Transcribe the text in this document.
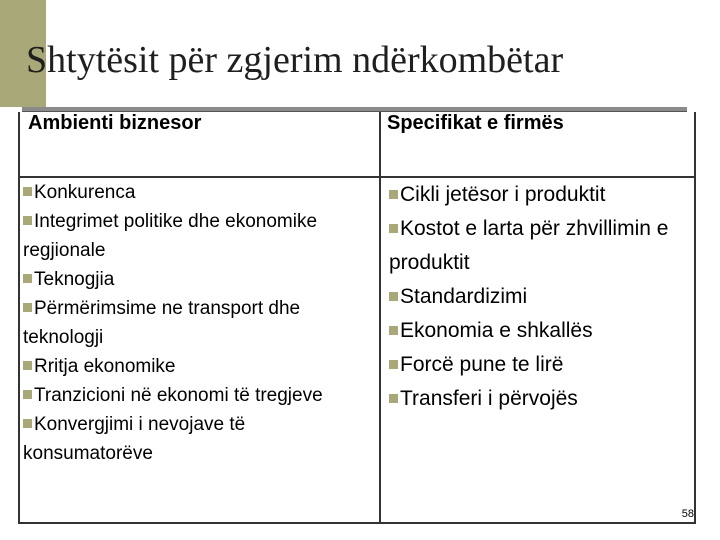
Shtytësit për zgjerim ndërkombëtar
Ambienti biznesor	Specifikat e firmës
Konkurenca
Integrimet politike dhe ekonomike regjionale
Teknogjia
Përmërimsime ne transport dhe teknologji
Rritja ekonomike
Tranzicioni në ekonomi të tregjeve
Konvergjimi i nevojave të konsumatorëve
Cikli jetësor i produktit
Kostot e larta për zhvillimin e produktit
Standardizimi
Ekonomia e shkallës
Forcë pune te lirë
Transferi i përvojës
58
